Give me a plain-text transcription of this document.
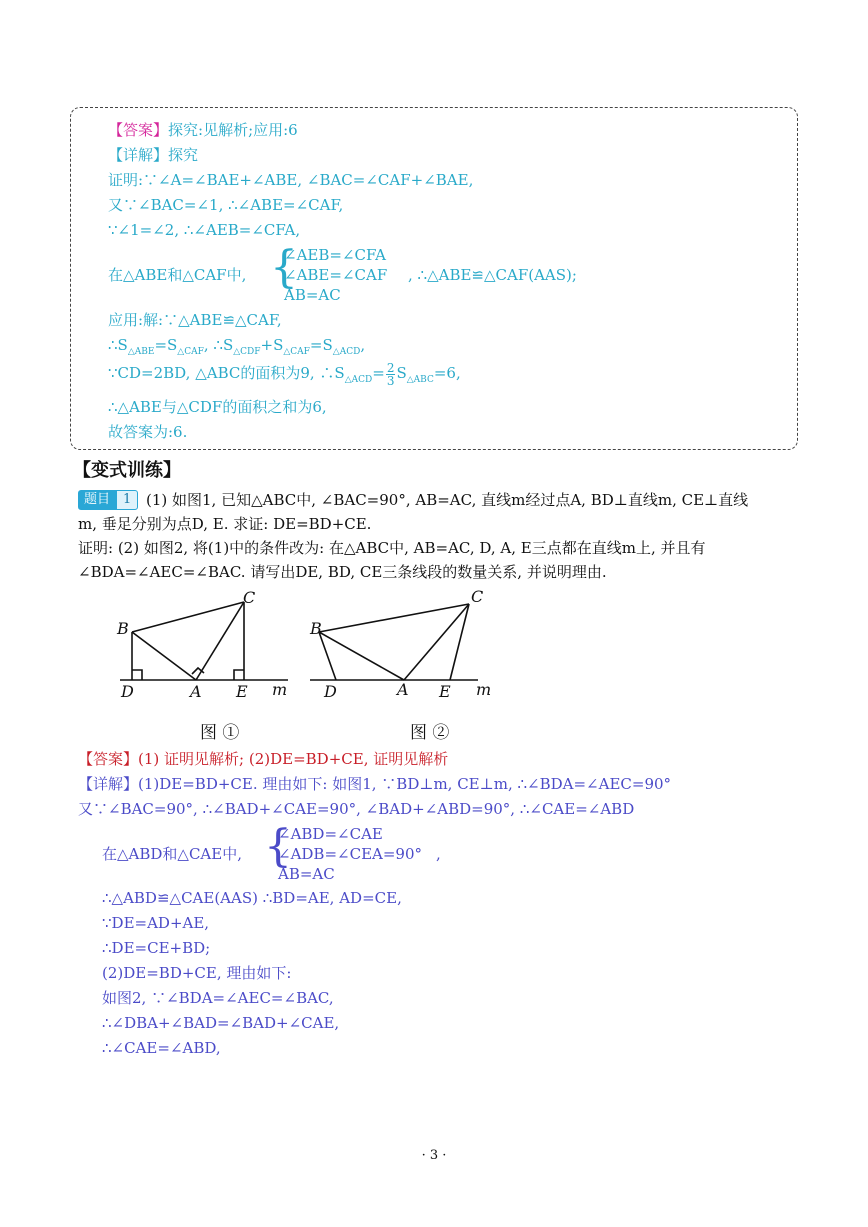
【答案】探究:见解析;应用:6
【详解】探究
证明:∵∠A=∠BAE+∠ABE, ∠BAC=∠CAF+∠BAE,
又∵∠BAC=∠1, ∴∠ABE=∠CAF,
∵∠1=∠2, ∴∠AEB=∠CFA,
在△ABE和△CAF中, {
∠AEB=∠CFA
∠ABE=∠CAF
AB=AC
, ∴△ABE≌△CAF(AAS);
应用:解:∵△ABE≌△CAF,
$\therefore S_{\triangle ABE}=S_{\triangle CAF}$, $\therefore S_{\triangle CDF}+S_{\triangle CAF}=S_{\triangle ACD}$,
∵CD=2BD, △ABC的面积为9, $\therefore S_{\triangle ACD}= \frac{2}{3} S_{\triangle ABC}=6$,
∴△ABE与△CDF的面积之和为6,
故答案为:6.
【变式训练】
题目	1 (1) 如图1, 已知△ABC中, ∠BAC=90°, AB=AC, 直线m经过点A, BD⊥直线m, CE⊥直线
m, 垂足分别为点D, E. 求证: DE=BD+CE.
证明: (2) 如图2, 将(1)中的条件改为: 在△ABC中, AB=AC, D, A, E三点都在直线m上, 并且有
∠BDA=∠AEC=∠BAC. 请写出DE, BD, CE三条线段的数量关系, 并说明理由.
B
C
D	A E m
图 ①
B
C
D	A E m
图 ②
【答案】(1) 证明见解析; (2)DE=BD+CE, 证明见解析
【详解】(1)DE=BD+CE. 理由如下: 如图1, ∵BD⊥m, CE⊥m, ∴∠BDA=∠AEC=90°
又∵∠BAC=90°, ∴∠BAD+∠CAE=90°, ∠BAD+∠ABD=90°, ∴∠CAE=∠ABD
在△ABD和△CAE中, {
∠ABD=∠CAE
∠ADB=∠CEA=90°
AB=AC
,
∴△ABD≌△CAE(AAS) ∴BD=AE, AD=CE,
∵DE=AD+AE,
∴DE=CE+BD;
(2)DE=BD+CE, 理由如下:
如图2, ∵∠BDA=∠AEC=∠BAC,
∴∠DBA+∠BAD=∠BAD+∠CAE,
∴∠CAE=∠ABD,
· 3 ·
